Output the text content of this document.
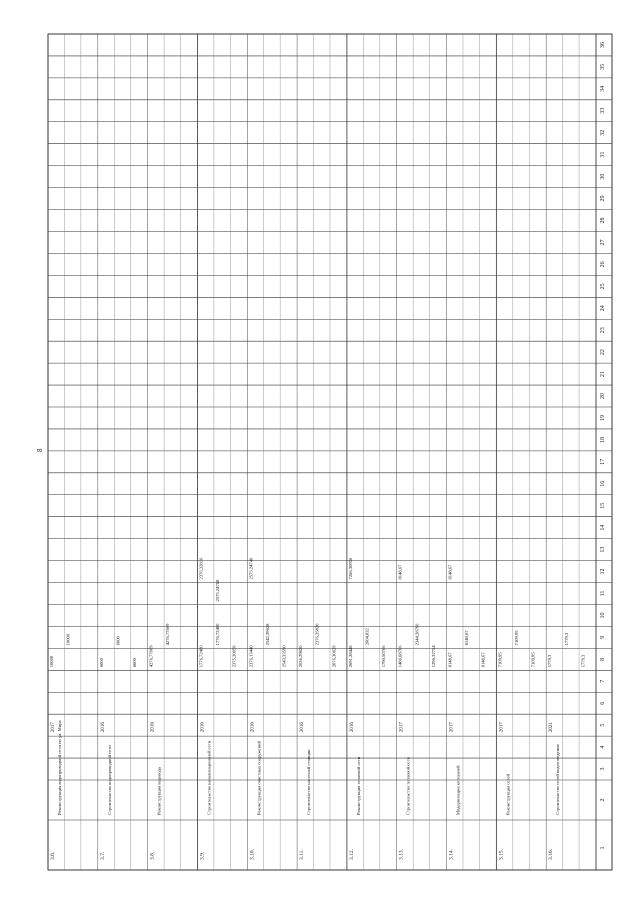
1
2
3
4
5
6
7
8
9
10
11
12
13
14
15
16
17
18
19
20
21
22
23
24
25
26
27
28
29
30
31
32
33
34
35
36
3.6.
Реконструкция водопроводной сети по ул. Мира
2017
10000
10000
3.7.
Строительство водопроводной сети
2016
6000
6000
6000
3.8.
Реконструкция водовода
2016
4276,77069
4276,77069
3.9.
Строительство канализационной сети
2016
1776,72400
1776,72400
2375,20058
2376,32816
2575,24708
3.10.
Реконструкция очистных сооружений
2016
2376,13440
2542,39628
2543,33590
2575,24740
3.11.
Строительство насосной станции
2016
2636,29820
2376,35820
2076,30629
3.12.
Реконструкция тепловой сети
2016
2691,28448
2604,832
1790,50706
7266,30956
3.13.
Строительство тепловой сети
2017
1486,68706
2344,28706
1296,32754
8148,67
3.14.
Модернизация котельной
2017
8148,67
8148,67
8148,67
8148,67
3.15.
Реконструкция сетей
2017
7109,95
7109,95
7109,95
3.16.
Строительство сетей водоотведения
2021
1779,3
1779,3
1779,3
8
